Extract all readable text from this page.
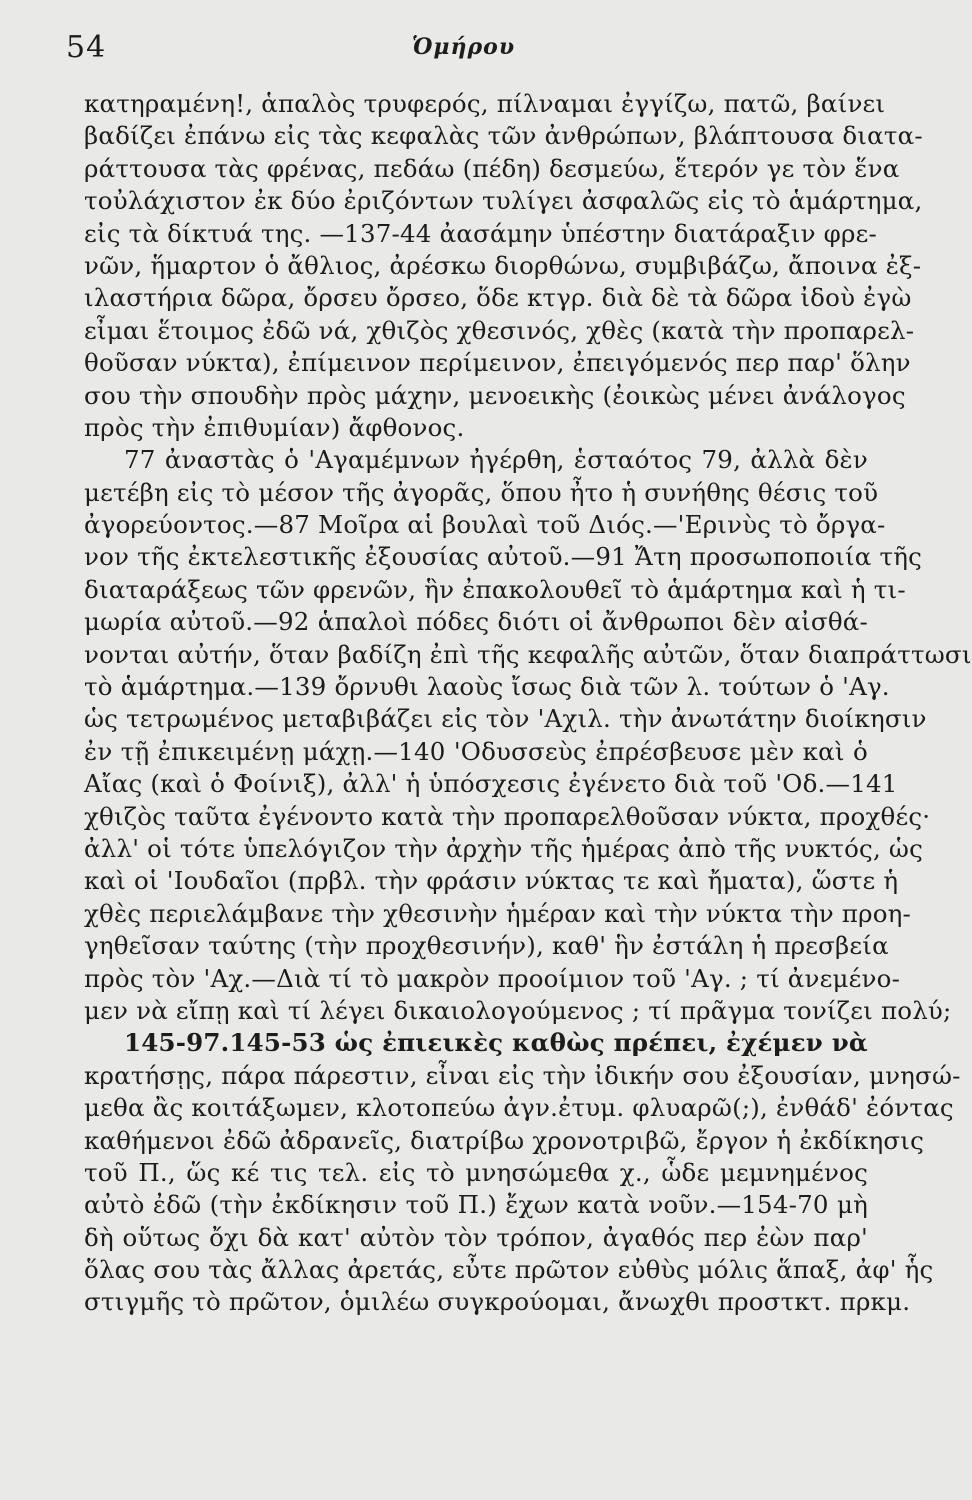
54	Ὁμήρου
κατηραμένη!, ἁπαλὸς τρυφερός, πίλναμαι ἐγγίζω, πατῶ, βαίνει
βαδίζει ἐπάνω εἰς τὰς κεφαλὰς τῶν ἀνθρώπων, βλάπτουσα διατα-
ράττουσα τὰς φρένας, πεδάω (πέδη) δεσμεύω, ἕτερόν γε τὸν ἕνα
τοὐλάχιστον ἐκ δύο ἐριζόντων τυλίγει ἀσφαλῶς εἰς τὸ ἁμάρτημα,
εἰς τὰ δίκτυά της. —137-44 ἀασάμην ὑπέστην διατάραξιν φρε-
νῶν, ἥμαρτον ὁ ἄθλιος, ἀρέσκω διορθώνω, συμβιβάζω, ἄποινα ἐξ-
ιλαστήρια δῶρα, ὄρσευ ὄρσεο, ὅδε κτγρ. διὰ δὲ τὰ δῶρα ἰδοὺ ἐγὼ
εἶμαι ἕτοιμος ἐδῶ νά, χθιζὸς χθεσινός, χθὲς (κατὰ τὴν προπαρελ-
θοῦσαν νύκτα), ἐπίμεινον περίμεινον, ἐπειγόμενός περ παρ' ὅλην
σου τὴν σπουδὴν πρὸς μάχην, μενοεικὴς (ἐοικὼς μένει ἀνάλογος
πρὸς τὴν ἐπιθυμίαν) ἄφθονος.
77 ἀναστὰς ὁ 'Αγαμέμνων ἠγέρθη, ἑσταότος 79, ἀλλὰ δὲν
μετέβη εἰς τὸ μέσον τῆς ἀγορᾶς, ὅπου ἦτο ἡ συνήθης θέσις τοῦ
ἀγορεύοντος.—87 Μοῖρα αἱ βουλαὶ τοῦ Διός.—'Ερινὺς τὸ ὄργα-
νον τῆς ἐκτελεστικῆς ἐξουσίας αὐτοῦ.—91 Ἄτη προσωποποιία τῆς
διαταράξεως τῶν φρενῶν, ἣν ἐπακολουθεῖ τὸ ἁμάρτημα καὶ ἡ τι-
μωρία αὐτοῦ.—92 ἁπαλοὶ πόδες διότι οἱ ἄνθρωποι δὲν αἰσθά-
νονται αὐτήν, ὅταν βαδίζη ἐπὶ τῆς κεφαλῆς αὐτῶν, ὅταν διαπράττωσι
τὸ ἁμάρτημα.—139 ὄρνυθι λαοὺς ἴσως διὰ τῶν λ. τούτων ὁ 'Αγ.
ὡς τετρωμένος μεταβιβάζει εἰς τὸν 'Αχιλ. τὴν ἀνωτάτην διοίκησιν
ἐν τῇ ἐπικειμένῃ μάχῃ.—140 'Οδυσσεὺς ἐπρέσβευσε μὲν καὶ ὁ
Αἴας (καὶ ὁ Φοίνιξ), ἀλλ' ἡ ὑπόσχεσις ἐγένετο διὰ τοῦ 'Οδ.—141
χθιζὸς ταῦτα ἐγένοντο κατὰ τὴν προπαρελθοῦσαν νύκτα, προχθές·
ἀλλ' οἱ τότε ὑπελόγιζον τὴν ἀρχὴν τῆς ἡμέρας ἀπὸ τῆς νυκτός, ὡς
καὶ οἱ 'Ιουδαῖοι (πρβλ. τὴν φράσιν νύκτας τε καὶ ἤματα), ὥστε ἡ
χθὲς περιελάμβανε τὴν χθεσινὴν ἡμέραν καὶ τὴν νύκτα τὴν προη-
γηθεῖσαν ταύτης (τὴν προχθεσινήν), καθ' ἣν ἐστάλη ἡ πρεσβεία
πρὸς τὸν 'Αχ.—Διὰ τί τὸ μακρὸν προοίμιον τοῦ 'Αγ. ; τί ἀνεμένο-
μεν νὰ εἴπῃ καὶ τί λέγει δικαιολογούμενος ; τί πρᾶγμα τονίζει πολύ;
145-97.145-53 ὡς ἐπιεικὲς καθὼς πρέπει, ἐχέμεν νὰ
κρατήσῃς, πάρα πάρεστιν, εἶναι εἰς τὴν ἰδικήν σου ἐξουσίαν, μνησώ-
μεθα ἂς κοιτάξωμεν, κλοτοπεύω ἀγν.ἐτυμ. φλυαρῶ(;), ἐνθάδ' ἐόντας
καθήμενοι ἐδῶ ἀδρανεῖς, διατρίβω χρονοτριβῶ, ἔργον ἡ ἐκδίκησις
τοῦ Π., ὥς κέ τις τελ. εἰς τὸ μνησώμεθα χ., ὧδε μεμνημένος
αὐτὸ ἐδῶ (τὴν ἐκδίκησιν τοῦ Π.) ἔχων κατὰ νοῦν.—154-70 μὴ
δὴ οὕτως ὄχι δὰ κατ' αὐτὸν τὸν τρόπον, ἀγαθός περ ἐὼν παρ'
ὅλας σου τὰς ἄλλας ἀρετάς, εὖτε πρῶτον εὐθὺς μόλις ἅπαξ, ἀφ' ἧς
στιγμῆς τὸ πρῶτον, ὁμιλέω συγκρούομαι, ἄνωχθι προστκτ. πρκμ.
